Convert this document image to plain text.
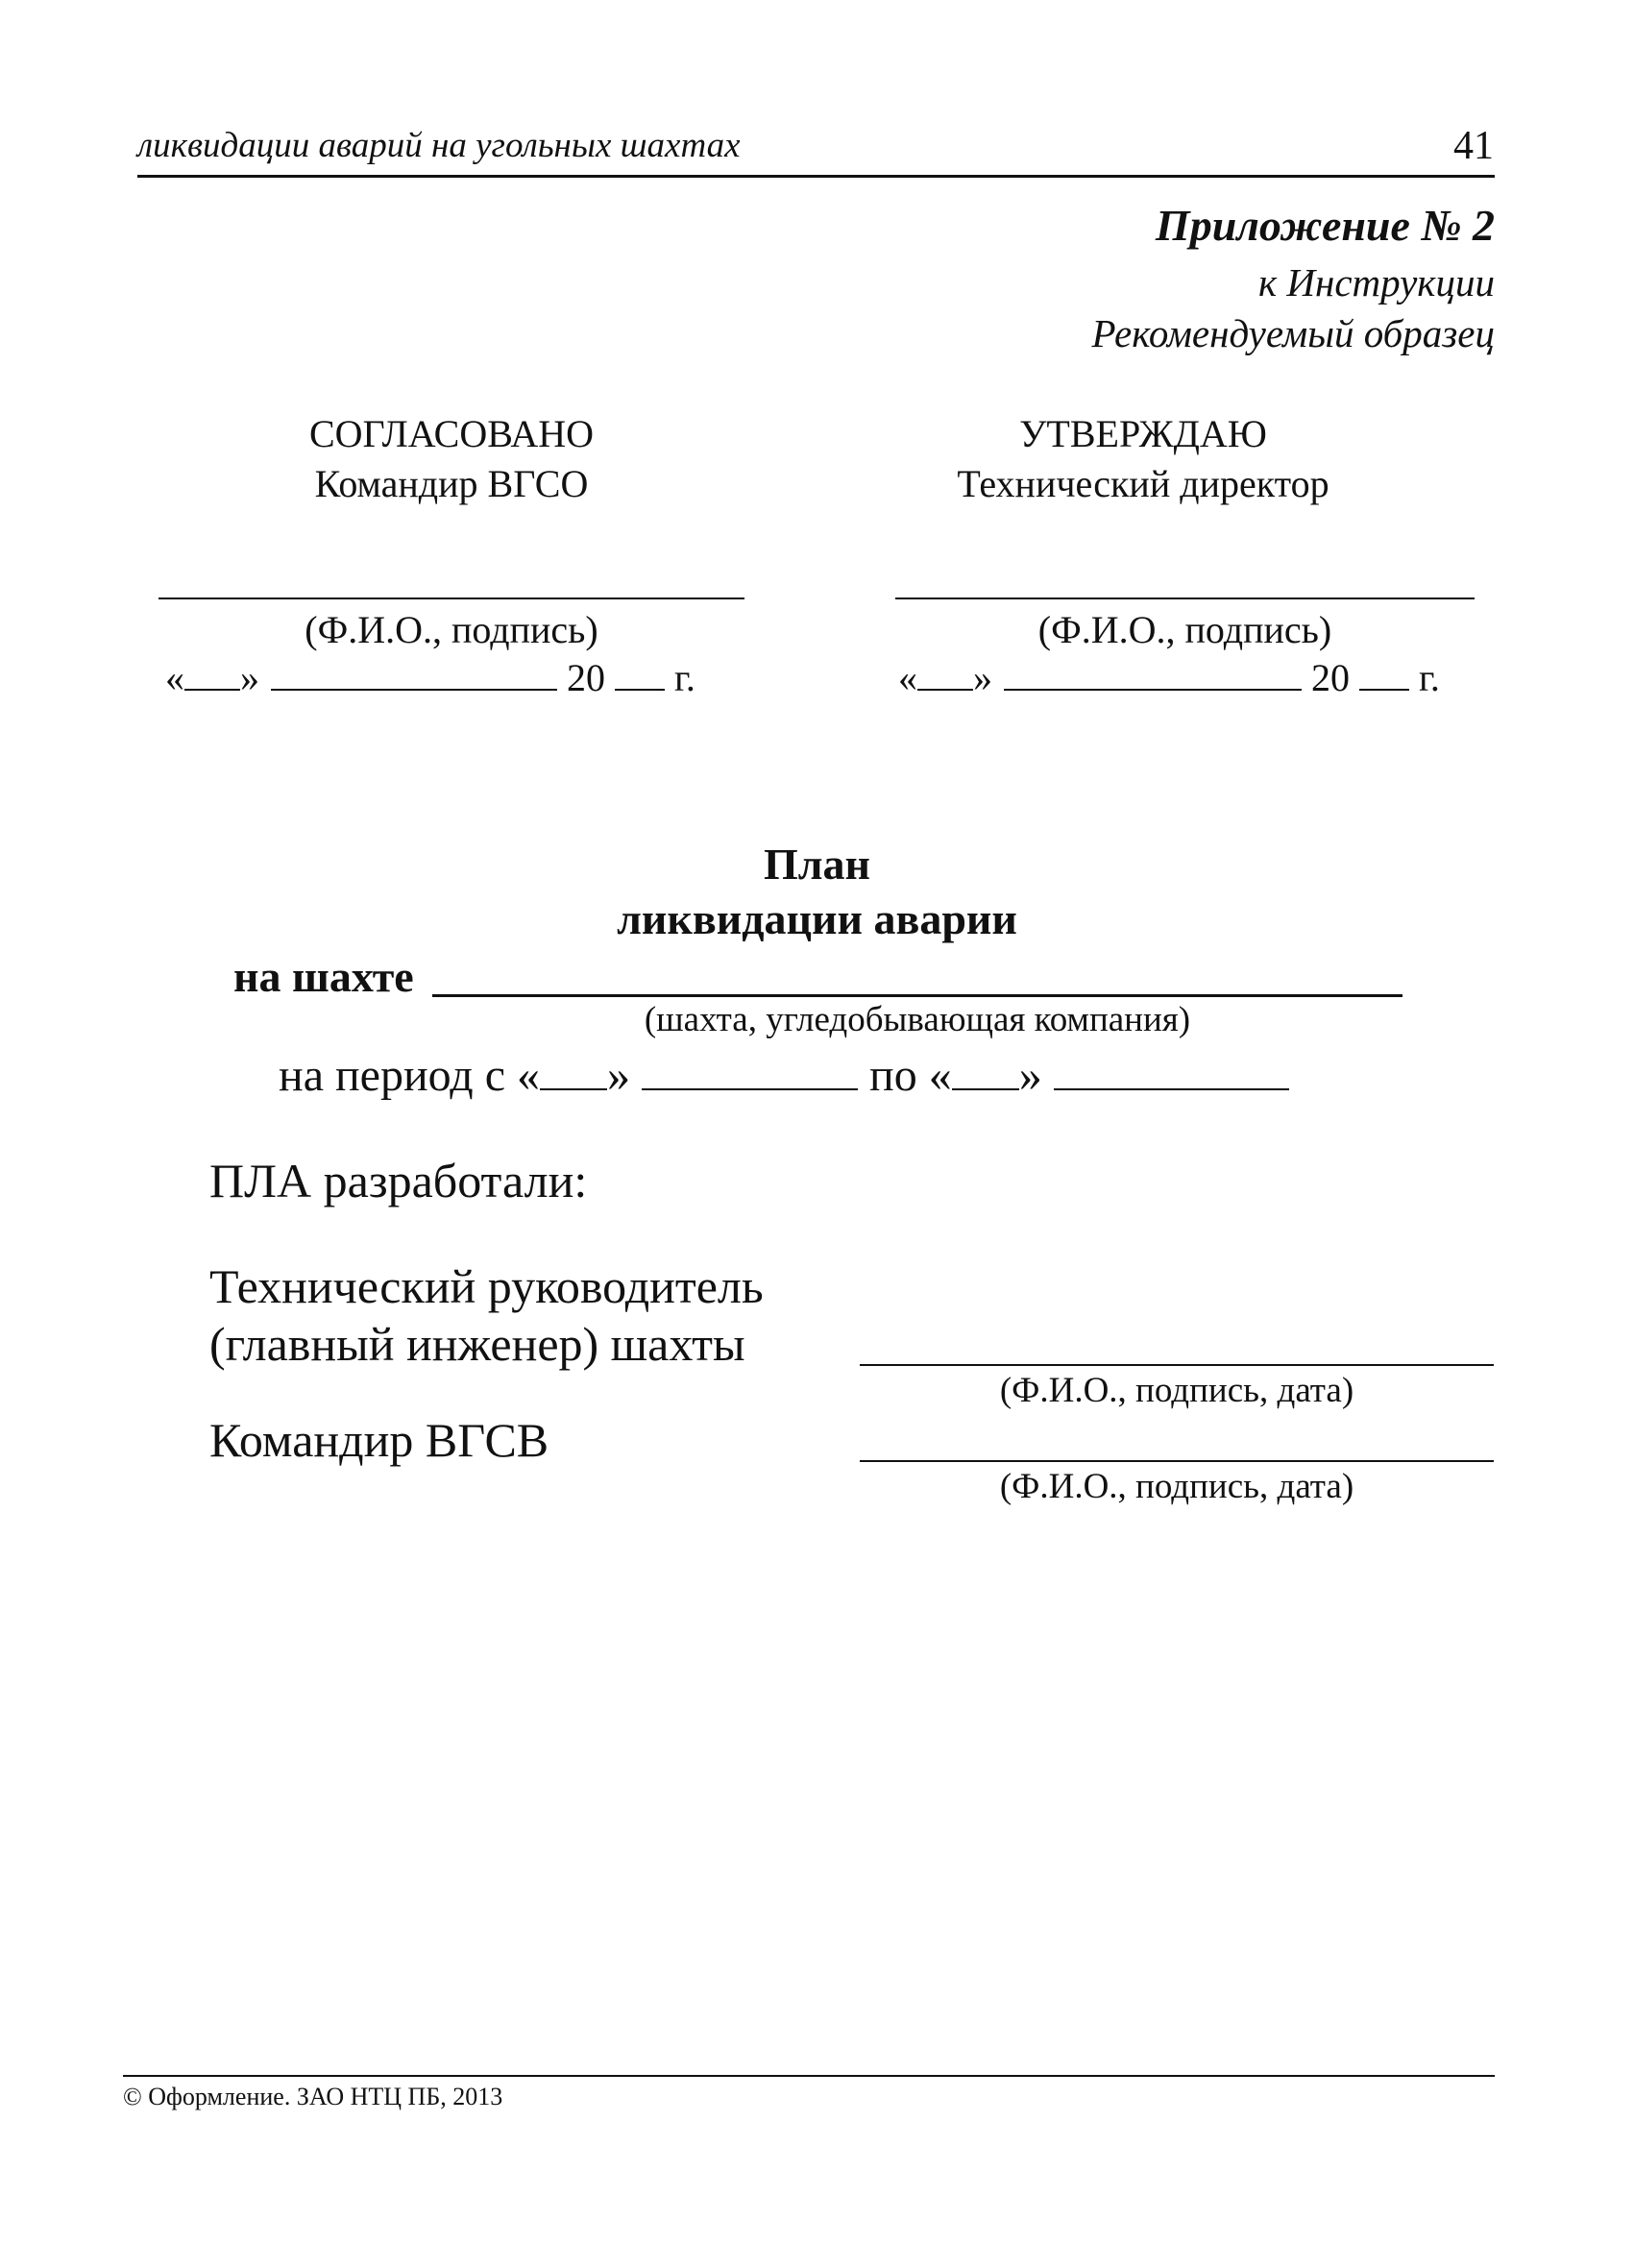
ликвидации аварий на угольных шахтах	41
Приложение № 2
к Инструкции
Рекомендуемый образец
СОГЛАСОВАНО
Командир ВГСО
(Ф.И.О., подпись)
« »	20 г.
УТВЕРЖДАЮ
Технический директор
(Ф.И.О., подпись)
« »	20 г.
План
ликвидации аварии
на шахте
(шахта, угледобывающая компания)
на период с « »	по « »
ПЛА разработали:
Технический руководитель
(главный инженер) шахты
(Ф.И.О., подпись, дата)
Командир ВГСВ
(Ф.И.О., подпись, дата)
© Оформление. ЗАО НТЦ ПБ, 2013
